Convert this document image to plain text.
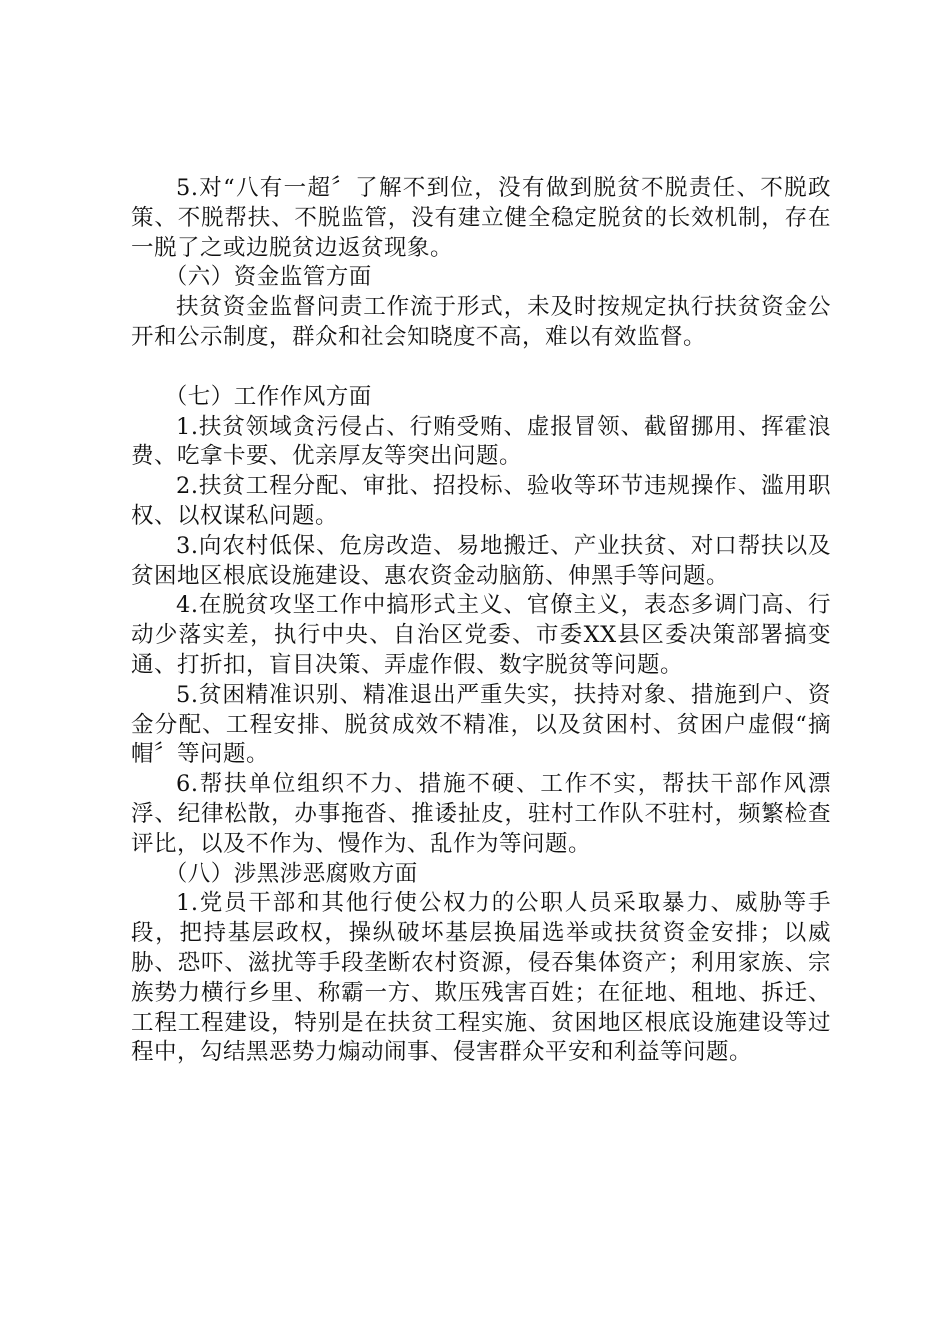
5.对“八有一超〞了解不到位，没有做到脱贫不脱责任、不脱政策、不脱帮扶、不脱监管，没有建立健全稳定脱贫的长效机制，存在一脱了之或边脱贫边返贫现象。

（六）资金监管方面

扶贫资金监督问责工作流于形式，未及时按规定执行扶贫资金公开和公示制度，群众和社会知晓度不高，难以有效监督。

（七）工作作风方面

1.扶贫领域贪污侵占、行贿受贿、虚报冒领、截留挪用、挥霍浪费、吃拿卡要、优亲厚友等突出问题。

2.扶贫工程分配、审批、招投标、验收等环节违规操作、滥用职权、以权谋私问题。

3.向农村低保、危房改造、易地搬迁、产业扶贫、对口帮扶以及贫困地区根底设施建设、惠农资金动脑筋、伸黑手等问题。

4.在脱贫攻坚工作中搞形式主义、官僚主义，表态多调门高、行动少落实差，执行中央、自治区党委、市委XX县区委决策部署搞变通、打折扣，盲目决策、弄虚作假、数字脱贫等问题。

5.贫困精准识别、精准退出严重失实，扶持对象、措施到户、资金分配、工程安排、脱贫成效不精准，以及贫困村、贫困户虚假“摘帽〞等问题。

6.帮扶单位组织不力、措施不硬、工作不实，帮扶干部作风漂浮、纪律松散，办事拖沓、推诿扯皮，驻村工作队不驻村，频繁检查评比，以及不作为、慢作为、乱作为等问题。

（八）涉黑涉恶腐败方面

1.党员干部和其他行使公权力的公职人员采取暴力、威胁等手段，把持基层政权，操纵破坏基层换届选举或扶贫资金安排；以威胁、恐吓、滋扰等手段垄断农村资源，侵吞集体资产；利用家族、宗族势力横行乡里、称霸一方、欺压残害百姓；在征地、租地、拆迁、工程工程建设，特别是在扶贫工程实施、贫困地区根底设施建设等过程中，勾结黑恶势力煽动闹事、侵害群众平安和利益等问题。
